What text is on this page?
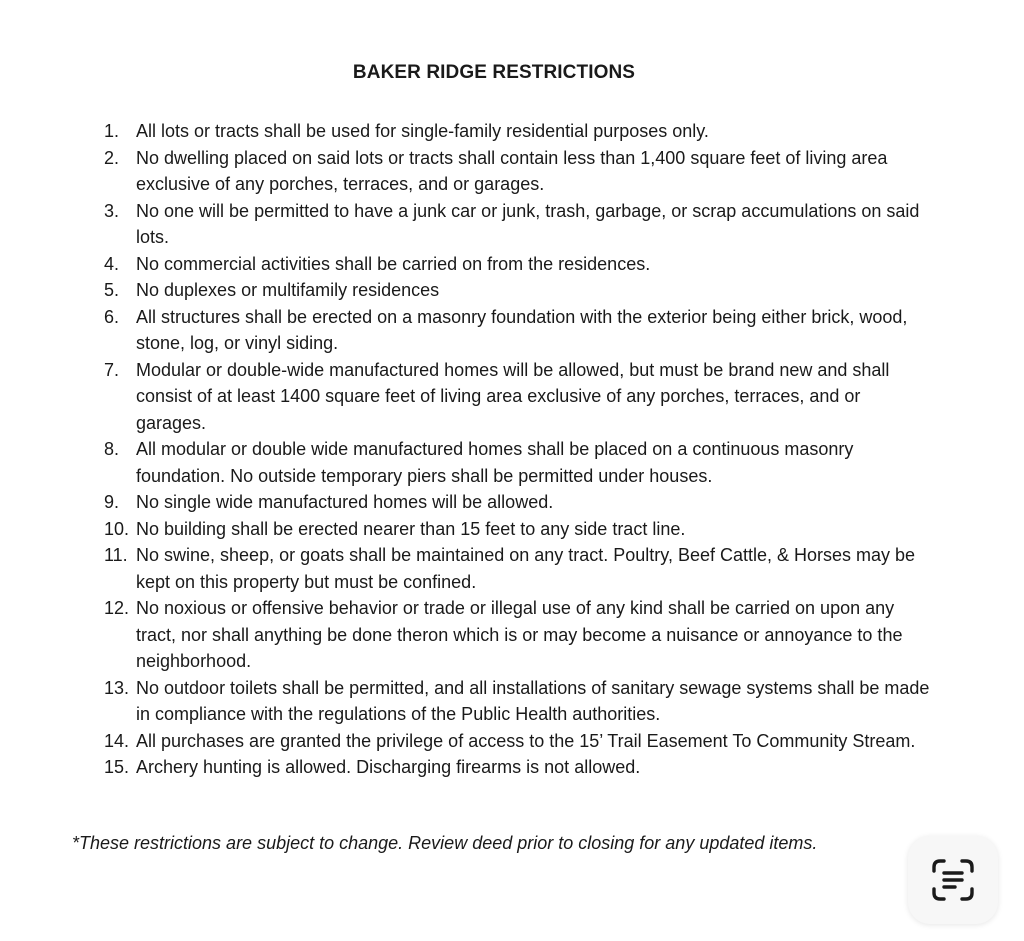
BAKER RIDGE RESTRICTIONS
1. All lots or tracts shall be used for single-family residential purposes only.
2. No dwelling placed on said lots or tracts shall contain less than 1,400 square feet of living area exclusive of any porches, terraces, and or garages.
3. No one will be permitted to have a junk car or junk, trash, garbage, or scrap accumulations on said lots.
4. No commercial activities shall be carried on from the residences.
5. No duplexes or multifamily residences
6. All structures shall be erected on a masonry foundation with the exterior being either brick, wood, stone, log, or vinyl siding.
7. Modular or double-wide manufactured homes will be allowed, but must be brand new and shall consist of at least 1400 square feet of living area exclusive of any porches, terraces, and or garages.
8. All modular or double wide manufactured homes shall be placed on a continuous masonry foundation. No outside temporary piers shall be permitted under houses.
9. No single wide manufactured homes will be allowed.
10. No building shall be erected nearer than 15 feet to any side tract line.
11. No swine, sheep, or goats shall be maintained on any tract. Poultry, Beef Cattle, & Horses may be kept on this property but must be confined.
12. No noxious or offensive behavior or trade or illegal use of any kind shall be carried on upon any tract, nor shall anything be done theron which is or may become a nuisance or annoyance to the neighborhood.
13. No outdoor toilets shall be permitted, and all installations of sanitary sewage systems shall be made in compliance with the regulations of the Public Health authorities.
14. All purchases are granted the privilege of access to the 15’ Trail Easement To Community Stream.
15. Archery hunting is allowed. Discharging firearms is not allowed.
*These restrictions are subject to change. Review deed prior to closing for any updated items.
